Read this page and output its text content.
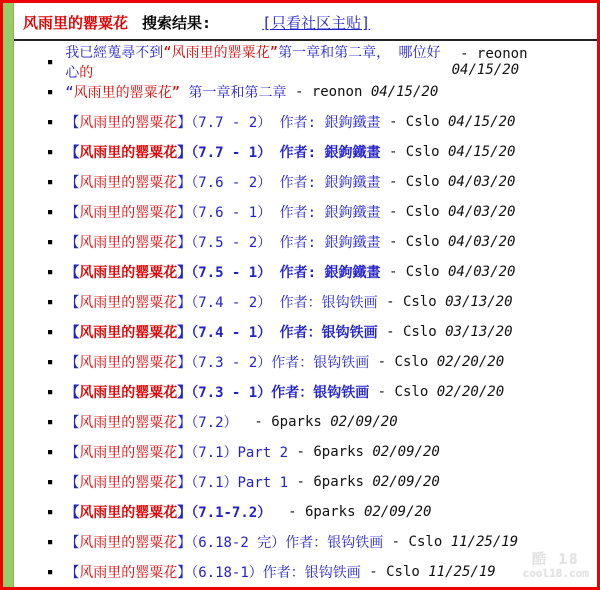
风雨里的罂粟花 搜索结果:	[只看社区主贴]
■
我已經蒐尋不到“风雨里的罂粟花”第一章和第二章， 哪位好心的
- reonon 04/15/20
■ “风雨里的罂粟花” 第一章和第二章 - reonon 04/15/20
■ 【风雨里的罂粟花】（7.7 - 2） 作者: 銀鉤鐵畫 - Cslo 04/15/20
■ 【风雨里的罂粟花】（7.7 - 1） 作者: 銀鉤鐵畫 - Cslo 04/15/20
■ 【风雨里的罂粟花】（7.6 - 2） 作者: 銀鉤鐵畫 - Cslo 04/03/20
■ 【风雨里的罂粟花】（7.6 - 1） 作者: 銀鉤鐵畫 - Cslo 04/03/20
■ 【风雨里的罂粟花】（7.5 - 2） 作者: 銀鉤鐵畫 - Cslo 04/03/20
■ 【风雨里的罂粟花】（7.5 - 1） 作者: 銀鉤鐵畫 - Cslo 04/03/20
■ 【风雨里的罂粟花】（7.4 - 2） 作者：银钩铁画 - Cslo 03/13/20
■ 【风雨里的罂粟花】（7.4 - 1） 作者：银钩铁画 - Cslo 03/13/20
■ 【风雨里的罂粟花】（7.3 - 2）作者：银钩铁画 - Cslo 02/20/20
■ 【风雨里的罂粟花】（7.3 - 1）作者：银钩铁画 - Cslo 02/20/20
■ 【风雨里的罂粟花】（7.2） - 6parks 02/09/20
■ 【风雨里的罂粟花】（7.1）Part 2 - 6parks 02/09/20
■ 【风雨里的罂粟花】（7.1）Part 1 - 6parks 02/09/20
■ 【风雨里的罂粟花】（7.1-7.2） - 6parks 02/09/20
■ 【风雨里的罂粟花】（6.18-2 完）作者：银钩铁画 - Cslo 11/25/19
■ 【风雨里的罂粟花】（6.18-1）作者：银钩铁画 - Cslo 11/25/19
酷 18
cool18.com
